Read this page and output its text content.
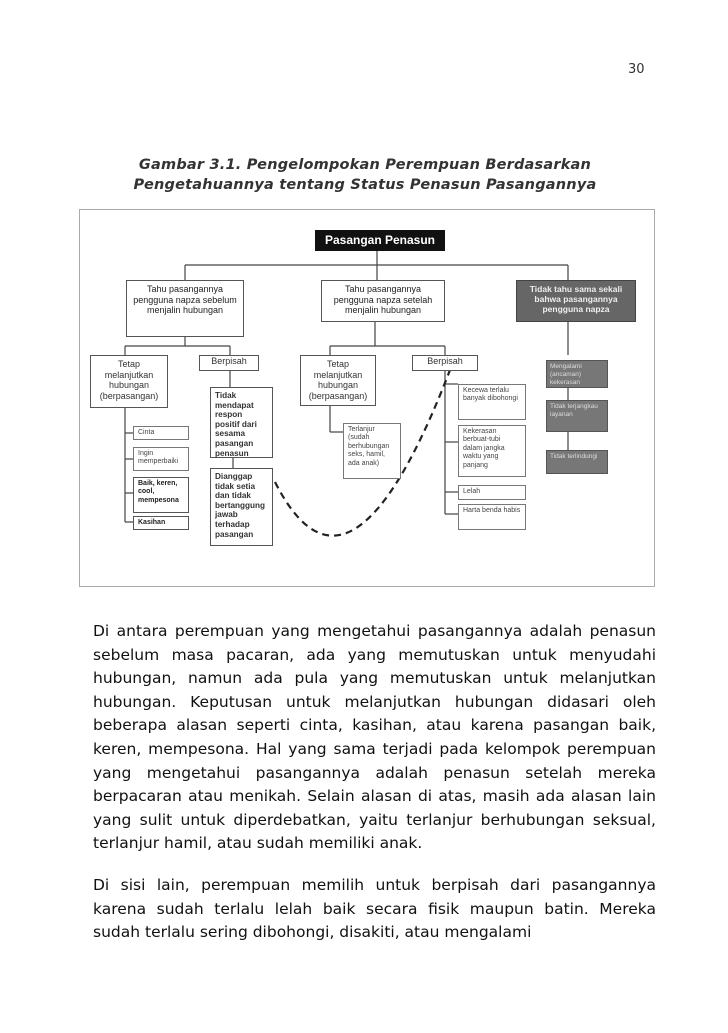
30
Gambar 3.1. Pengelompokan Perempuan Berdasarkan
Pengetahuannya tentang Status Penasun Pasangannya
Pasangan Penasun
Tahu pasangannya pengguna napza sebelum menjalin hubungan
Tahu pasangannya pengguna napza setelah menjalin hubungan
Tidak tahu sama sekali bahwa pasangannya pengguna napza
Tetap melanjutkan hubungan (berpasangan)
Berpisah
Cinta
Ingin memperbaiki
Baik, keren, cool, mempesona
Kasihan
Tidak mendapat respon positif dari sesama pasangan penasun
Dianggap tidak setia dan tidak bertanggung jawab terhadap pasangan
Tetap melanjutkan hubungan (berpasangan)
Berpisah
Terlanjur (sudah berhubungan seks, hamil, ada anak)
Kecewa terlalu banyak dibohongi
Kekerasan berbuat-tubi dalam jangka waktu yang panjang
Lelah
Harta benda habis
Mengalami (ancaman) kekerasan
Tidak terjangkau layanan
Tidak terlindungi

Di antara perempuan yang mengetahui pasangannya adalah penasun sebelum masa pacaran, ada yang memutuskan untuk menyudahi hubungan, namun ada pula yang memutuskan untuk melanjutkan hubungan. Keputusan untuk melanjutkan hubungan didasari oleh beberapa alasan seperti cinta, kasihan, atau karena pasangan baik, keren, mempesona. Hal yang sama terjadi pada kelompok perempuan yang mengetahui pasangannya adalah penasun setelah mereka berpacaran atau menikah. Selain alasan di atas, masih ada alasan lain yang sulit untuk diperdebatkan, yaitu terlanjur berhubungan seksual, terlanjur hamil, atau sudah memiliki anak.

Di sisi lain, perempuan memilih untuk berpisah dari pasangannya karena sudah terlalu lelah baik secara fisik maupun batin. Mereka sudah terlalu sering dibohongi, disakiti, atau mengalami
